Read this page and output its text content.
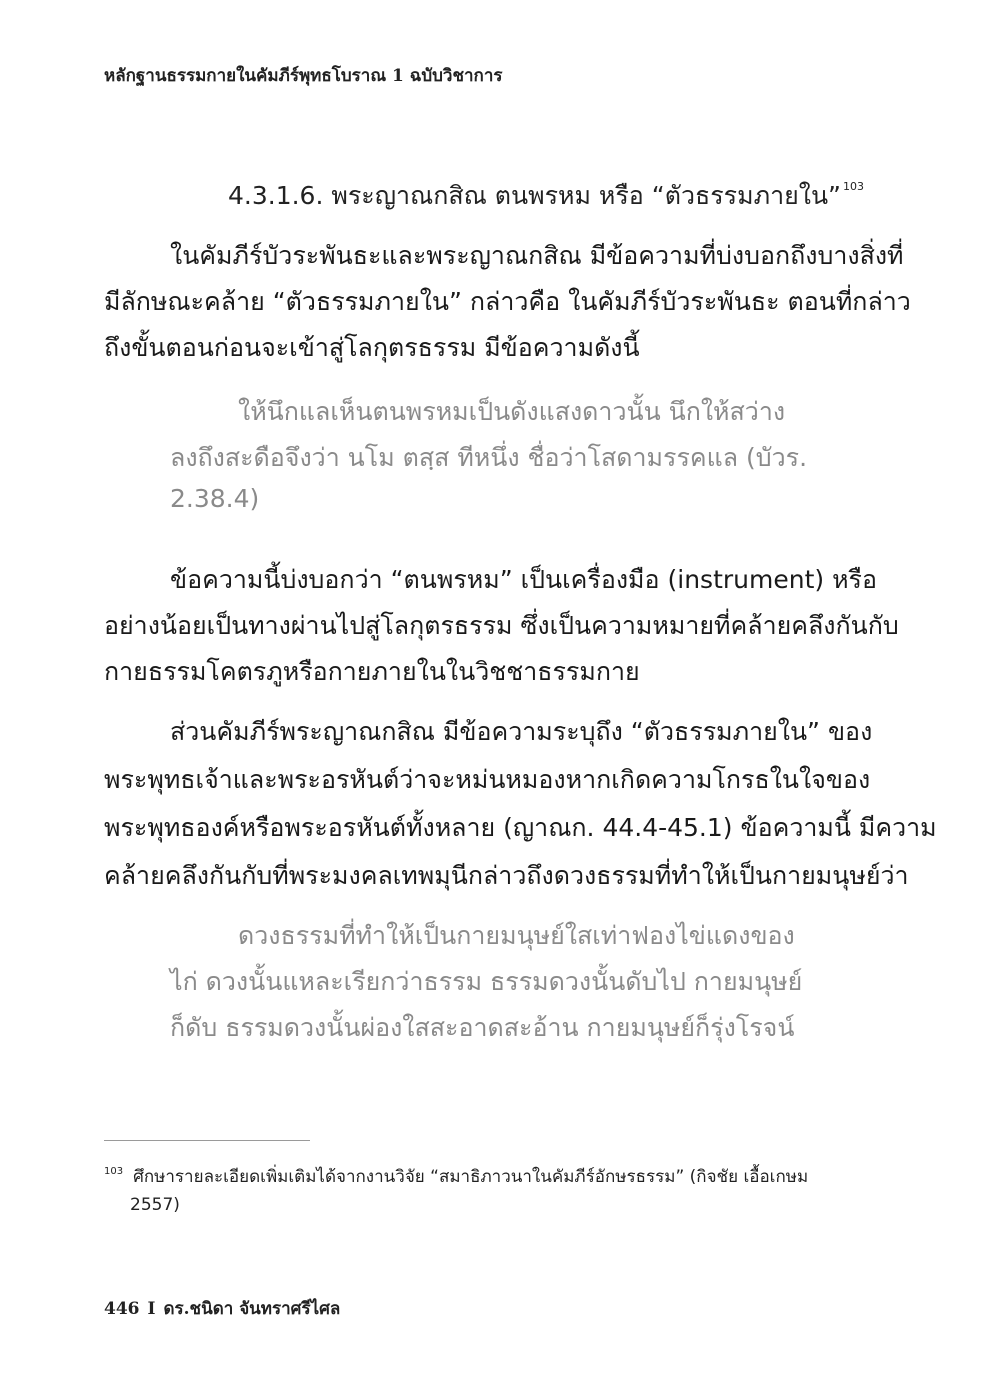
หลักฐานธรรมกายในคัมภีร์พุทธโบราณ 1 ฉบับวิชาการ
4.3.1.6. พระญาณกสิณ ตนพรหม หรือ “ตัวธรรมภายใน” $^{103}$
ในคัมภีร์บัวระพันธะและพระญาณกสิณ มีข้อความที่บ่งบอกถึงบางสิ่งที่
มีลักษณะคล้าย “ตัวธรรมภายใน” กล่าวคือ ในคัมภีร์บัวระพันธะ ตอนที่กล่าว
ถึงขั้นตอนก่อนจะเข้าสู่โลกุตรธรรม มีข้อความดังนี้
ให้นึกแลเห็นตนพรหมเป็นดังแสงดาวนั้น นึกให้สว่าง
ลงถึงสะดือจึงว่า นโม ตสฺส ทีหนึ่ง ชื่อว่าโสดามรรคแล (บัวร.
2.38.4)
ข้อความนี้บ่งบอกว่า “ตนพรหม” เป็นเครื่องมือ (instrument) หรือ
อย่างน้อยเป็นทางผ่านไปสู่โลกุตรธรรม ซึ่งเป็นความหมายที่คล้ายคลึงกันกับ
กายธรรมโคตรภูหรือกายภายในในวิชชาธรรมกาย
ส่วนคัมภีร์พระญาณกสิณ มีข้อความระบุถึง “ตัวธรรมภายใน” ของ
พระพุทธเจ้าและพระอรหันต์ว่าจะหม่นหมองหากเกิดความโกรธในใจของ
พระพุทธองค์หรือพระอรหันต์ทั้งหลาย (ญาณก. 44.4-45.1) ข้อความนี้ มีความ
คล้ายคลึงกันกับที่พระมงคลเทพมุนีกล่าวถึงดวงธรรมที่ทำให้เป็นกายมนุษย์ว่า
ดวงธรรมที่ทำให้เป็นกายมนุษย์ใสเท่าฟองไข่แดงของ
ไก่ ดวงนั้นแหละเรียกว่าธรรม ธรรมดวงนั้นดับไป กายมนุษย์
ก็ดับ ธรรมดวงนั้นผ่องใสสะอาดสะอ้าน กายมนุษย์ก็รุ่งโรจน์
$^{103}$ ศึกษารายละเอียดเพิ่มเติมได้จากงานวิจัย “สมาธิภาวนาในคัมภีร์อักษรธรรม” (กิจชัย เอื้อเกษม
2557)
446 I ดร.ชนิดา จันทราศรีไศล
